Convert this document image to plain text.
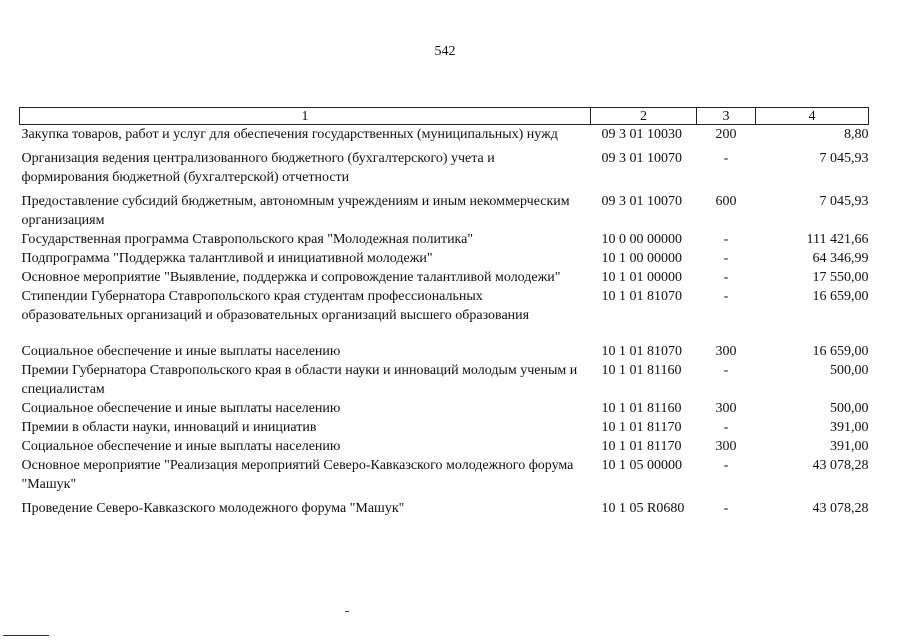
542
1	2	3	4
Закупка товаров, работ и услуг для обеспечения государственных (муниципальных) нужд	09 3 01 10030	200	8,80
Организация ведения централизованного бюджетного (бухгалтерского) учета и формирования бюджетной (бухгалтерской) отчетности	09 3 01 10070	-	7 045,93
Предоставление субсидий бюджетным, автономным учреждениям и иным некоммерческим организациям	09 3 01 10070	600	7 045,93
Государственная программа Ставропольского края "Молодежная политика"	10 0 00 00000	-	111 421,66
Подпрограмма "Поддержка талантливой и инициативной молодежи"	10 1 00 00000	-	64 346,99
Основное мероприятие "Выявление, поддержка и сопровождение талантливой молодежи"	10 1 01 00000	-	17 550,00
Стипендии Губернатора Ставропольского края студентам профессиональных образовательных организаций и образовательных организаций высшего образования	10 1 01 81070	-	16 659,00
Социальное обеспечение и иные выплаты населению	10 1 01 81070	300	16 659,00
Премии Губернатора Ставропольского края в области науки и инноваций молодым ученым и специалистам	10 1 01 81160	-	500,00
Социальное обеспечение и иные выплаты населению	10 1 01 81160	300	500,00
Премии в области науки, инноваций и инициатив	10 1 01 81170	-	391,00
Социальное обеспечение и иные выплаты населению	10 1 01 81170	300	391,00
Основное мероприятие "Реализация мероприятий Северо-Кавказского молодежного форума "Машук"	10 1 05 00000	-	43 078,28
Проведение Северо-Кавказского молодежного форума "Машук"	10 1 05 R0680	-	43 078,28
